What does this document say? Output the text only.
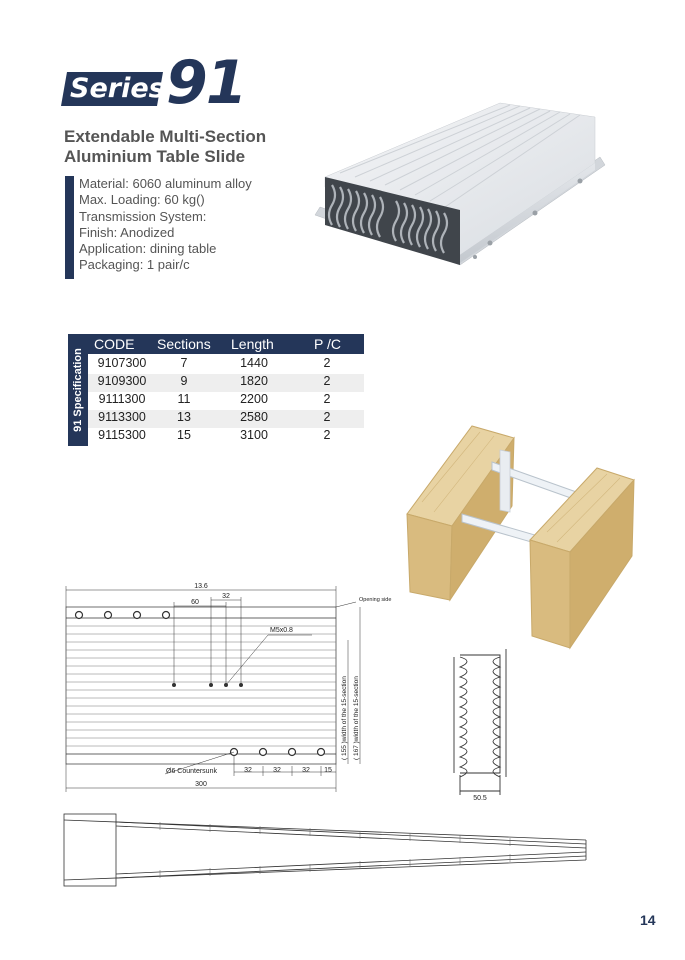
Series 91
Extendable Multi-Section
Aluminium Table Slide
Material: 6060 aluminum alloy
Max. Loading: 60 kg()
Transmission System:
Finish: Anodized
Application: dining table
Packaging: 1 pair/c
91 Specification
CODE Sections Length	P /C
9107300	7	1440	2
9109300	9	1820	2
9111300	11	2200	2
9113300	13	2580	2
9115300	15	3100	2
13.6
32
60	Opening side
M5x0.8
Ø6 Countersunk	32	32	32 15
300
( 155 )width of the 15-section ( 167 )width of the 15-section
50.5
14
